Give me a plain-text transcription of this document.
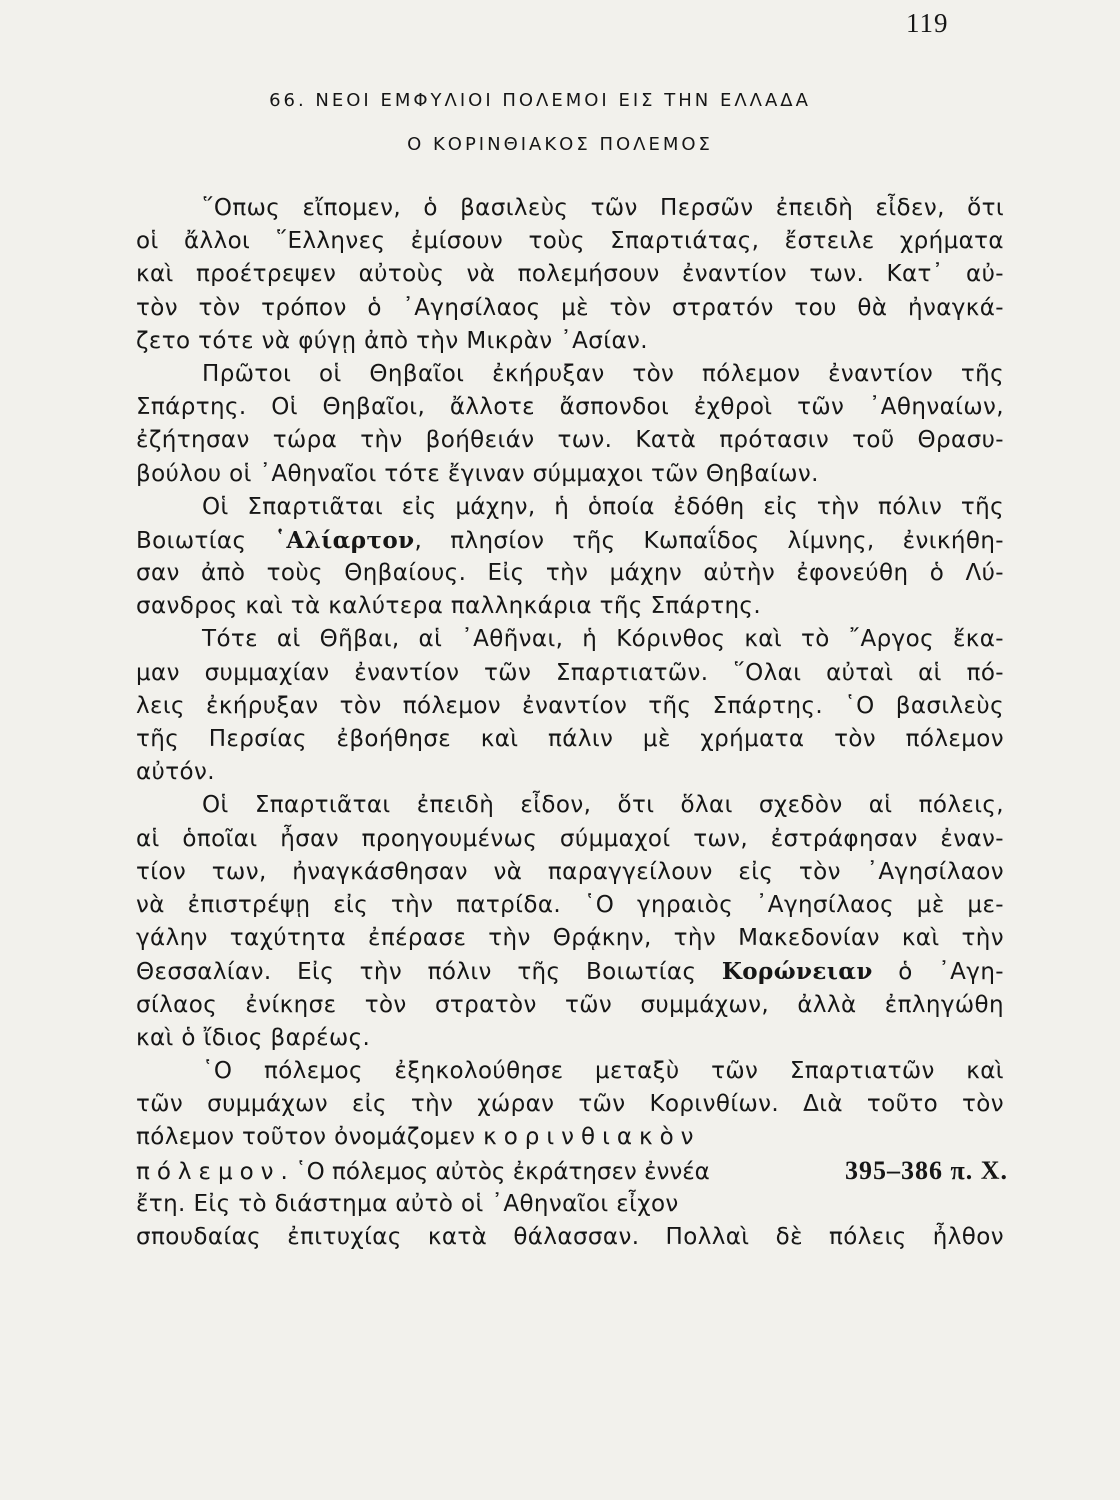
119
66. ΝΕΟΙ ΕΜΦΥΛΙΟΙ ΠΟΛΕΜΟΙ ΕΙΣ ΤΗΝ ΕΛΛΑΔΑ
Ο ΚΟΡΙΝΘΙΑΚΟΣ ΠΟΛΕΜΟΣ
῞Οπως εἴπομεν, ὁ βασιλεὺς τῶν Περσῶν ἐπειδὴ εἶδεν, ὅτι
οἱ ἄλλοι ῞Ελληνες ἐμίσουν τοὺς Σπαρτιάτας, ἔστειλε χρήματα
καὶ προέτρεψεν αὐτοὺς νὰ πολεμήσουν ἐναντίον των. Κατ᾽ αὐ-
τὸν τὸν τρόπον ὁ ᾽Αγησίλαος μὲ τὸν στρατόν του θὰ ἠναγκά-
ζετο τότε νὰ φύγῃ ἀπὸ τὴν Μικρὰν ᾽Ασίαν.
Πρῶτοι οἱ Θηβαῖοι ἐκήρυξαν τὸν πόλεμον ἐναντίον τῆς
Σπάρτης. Οἱ Θηβαῖοι, ἄλλοτε ἄσπονδοι ἐχθροὶ τῶν ᾽Αθηναίων,
ἐζήτησαν τώρα τὴν βοήθειάν των. Κατὰ πρότασιν τοῦ Θρασυ-
βούλου οἱ ᾽Αθηναῖοι τότε ἔγιναν σύμμαχοι τῶν Θηβαίων.
Οἱ Σπαρτιᾶται εἰς μάχην, ἡ ὁποία ἐδόθη εἰς τὴν πόλιν τῆς
Βοιωτίας ῾Αλίαρτον, πλησίον τῆς Κωπαΐδος λίμνης, ἐνικήθη-
σαν ἀπὸ τοὺς Θηβαίους. Εἰς τὴν μάχην αὐτὴν ἐφονεύθη ὁ Λύ-
σανδρος καὶ τὰ καλύτερα παλληκάρια τῆς Σπάρτης.
Τότε αἱ Θῆβαι, αἱ ᾽Αθῆναι, ἡ Κόρινθος καὶ τὸ ῎Αργος ἔκα-
μαν συμμαχίαν ἐναντίον τῶν Σπαρτιατῶν. ῞Ολαι αὐταὶ αἱ πό-
λεις ἐκήρυξαν τὸν πόλεμον ἐναντίον τῆς Σπάρτης. ῾Ο βασιλεὺς
τῆς Περσίας ἐβοήθησε καὶ πάλιν μὲ χρήματα τὸν πόλεμον
αὐτόν.
Οἱ Σπαρτιᾶται ἐπειδὴ εἶδον, ὅτι ὅλαι σχεδὸν αἱ πόλεις,
αἱ ὁποῖαι ἦσαν προηγουμένως σύμμαχοί των, ἐστράφησαν ἐναν-
τίον των, ἠναγκάσθησαν νὰ παραγγείλουν εἰς τὸν ᾽Αγησίλαον
νὰ ἐπιστρέψῃ εἰς τὴν πατρίδα. ῾Ο γηραιὸς ᾽Αγησίλαος μὲ με-
γάλην ταχύτητα ἐπέρασε τὴν Θρᾴκην, τὴν Μακεδονίαν καὶ τὴν
Θεσσαλίαν. Εἰς τὴν πόλιν τῆς Βοιωτίας Κορώνειαν ὁ ᾽Αγη-
σίλαος ἐνίκησε τὸν στρατὸν τῶν συμμάχων, ἀλλὰ ἐπληγώθη
καὶ ὁ ἴδιος βαρέως.
῾Ο πόλεμος ἐξηκολούθησε μεταξὺ τῶν Σπαρτιατῶν καὶ
τῶν συμμάχων εἰς τὴν χώραν τῶν Κορινθίων. Διὰ τοῦτο τὸν
πόλεμον τοῦτον ὀνομάζομεν κορινθιακὸν
πόλεμον. ῾Ο πόλεμος αὐτὸς ἐκράτησεν ἐννέα	395–386 π. Χ.
ἔτη. Εἰς τὸ διάστημα αὐτὸ οἱ ᾽Αθηναῖοι εἶχον
σπουδαίας ἐπιτυχίας κατὰ θάλασσαν. Πολλαὶ δὲ πόλεις ἦλθον
